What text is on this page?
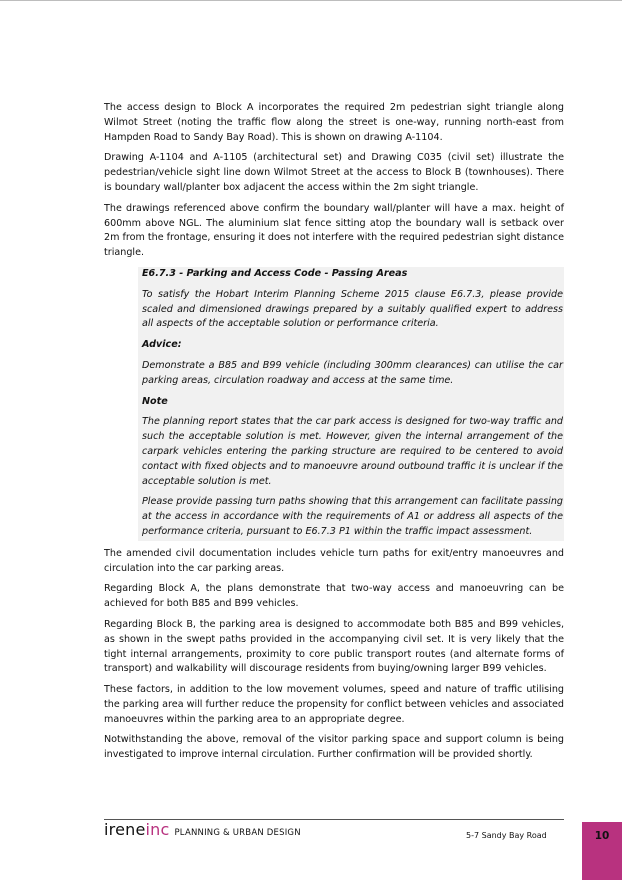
The access design to Block A incorporates the required 2m pedestrian sight triangle along Wilmot Street (noting the traffic flow along the street is one-way, running north-east from Hampden Road to Sandy Bay Road). This is shown on drawing A-1104.

Drawing A-1104 and A-1105 (architectural set) and Drawing C035 (civil set) illustrate the pedestrian/vehicle sight line down Wilmot Street at the access to Block B (townhouses). There is boundary wall/planter box adjacent the access within the 2m sight triangle.

The drawings referenced above confirm the boundary wall/planter will have a max. height of 600mm above NGL. The aluminium slat fence sitting atop the boundary wall is setback over 2m from the frontage, ensuring it does not interfere with the required pedestrian sight distance triangle.

E6.7.3 - Parking and Access Code - Passing Areas

To satisfy the Hobart Interim Planning Scheme 2015 clause E6.7.3, please provide scaled and dimensioned drawings prepared by a suitably qualified expert to address all aspects of the acceptable solution or performance criteria.

Advice:

Demonstrate a B85 and B99 vehicle (including 300mm clearances) can utilise the car parking areas, circulation roadway and access at the same time.

Note

The planning report states that the car park access is designed for two-way traffic and such the acceptable solution is met. However, given the internal arrangement of the carpark vehicles entering the parking structure are required to be centered to avoid contact with fixed objects and to manoeuvre around outbound traffic it is unclear if the acceptable solution is met.

Please provide passing turn paths showing that this arrangement can facilitate passing at the access in accordance with the requirements of A1 or address all aspects of the performance criteria, pursuant to E6.7.3 P1 within the traffic impact assessment.

The amended civil documentation includes vehicle turn paths for exit/entry manoeuvres and circulation into the car parking areas.

Regarding Block A, the plans demonstrate that two-way access and manoeuvring can be achieved for both B85 and B99 vehicles.

Regarding Block B, the parking area is designed to accommodate both B85 and B99 vehicles, as shown in the swept paths provided in the accompanying civil set. It is very likely that the tight internal arrangements, proximity to core public transport routes (and alternate forms of transport) and walkability will discourage residents from buying/owning larger B99 vehicles.

These factors, in addition to the low movement volumes, speed and nature of traffic utilising the parking area will further reduce the propensity for conflict between vehicles and associated manoeuvres within the parking area to an appropriate degree.

Notwithstanding the above, removal of the visitor parking space and support column is being investigated to improve internal circulation. Further confirmation will be provided shortly.

irene inc PLANNING & URBAN DESIGN	5-7 Sandy Bay Road	10
